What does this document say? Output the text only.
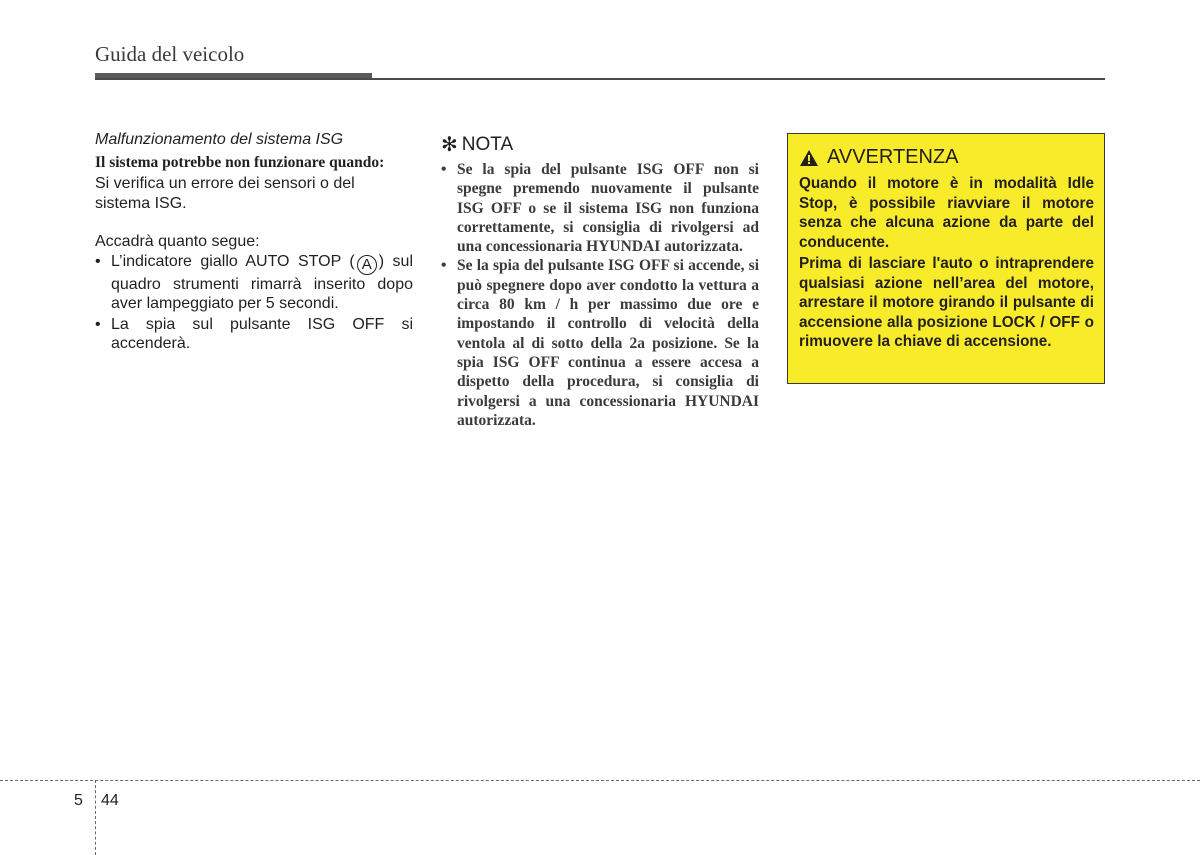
Guida del veicolo
Malfunzionamento del sistema ISG

Il sistema potrebbe non funzionare quando:

Si verifica un errore dei sensori o del sistema ISG.

Accadrà quanto segue:

• L’indicatore giallo AUTO STOP ( A ) sul quadro strumenti rimarrà inserito dopo aver lampeggiato per 5 secondi.
• La spia sul pulsante ISG OFF si accenderà.
✻ NOTA
• Se la spia del pulsante ISG OFF non si spegne premendo nuovamente il pulsante ISG OFF o se il sistema ISG non funziona correttamente, si consiglia di rivolgersi ad una concessionaria HYUNDAI autorizzata.
• Se la spia del pulsante ISG OFF si accende, si può spegnere dopo aver condotto la vettura a circa 80 km / h per massimo due ore e impostando il controllo di velocità della ventola al di sotto della 2a posizione. Se la spia ISG OFF continua a essere accesa a dispetto della procedura, si consiglia di rivolgersi a una concessionaria HYUNDAI autorizzata.
AVVERTENZA

Quando il motore è in modalità Idle Stop, è possibile riavviare il motore senza che alcuna azione da parte del conducente.

Prima di lasciare l'auto o intraprendere qualsiasi azione nell’area del motore, arrestare il motore girando il pulsante di accensione alla posizione LOCK / OFF o rimuovere la chiave di accensione.

5 44
